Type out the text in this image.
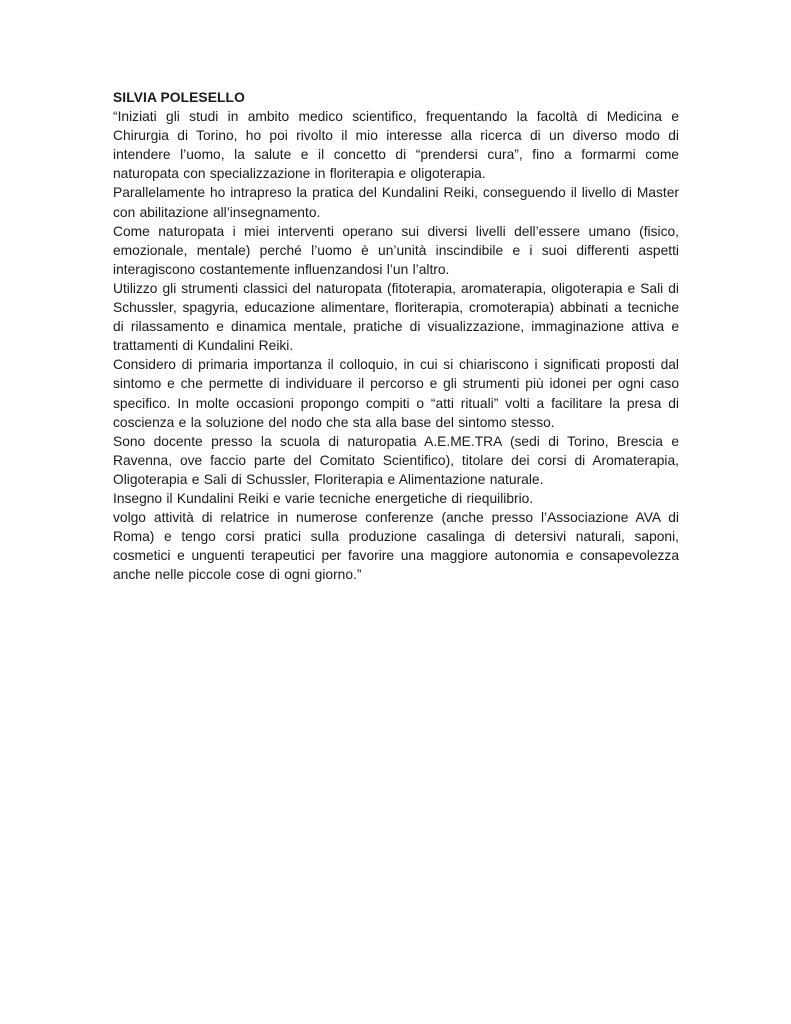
SILVIA POLESELLO

“Iniziati gli studi in ambito medico scientifico, frequentando la facoltà di Medicina e Chirurgia di Torino, ho poi rivolto il mio interesse alla ricerca di un diverso modo di intendere l’uomo, la salute e il concetto di “prendersi cura”, fino a formarmi come naturopata con specializzazione in floriterapia e oligoterapia.

Parallelamente ho intrapreso la pratica del Kundalini Reiki, conseguendo il livello di Master con abilitazione all’insegnamento.

Come naturopata i miei interventi operano sui diversi livelli dell’essere umano (fisico, emozionale, mentale) perché l’uomo è un’unità inscindibile e i suoi differenti aspetti interagiscono costantemente influenzandosi l’un l’altro.

Utilizzo gli strumenti classici del naturopata (fitoterapia, aromaterapia, oligoterapia e Sali di Schussler, spagyria, educazione alimentare, floriterapia, cromoterapia) abbinati a tecniche di rilassamento e dinamica mentale, pratiche di visualizzazione, immaginazione attiva e trattamenti di Kundalini Reiki.

Considero di primaria importanza il colloquio, in cui si chiariscono i significati proposti dal sintomo e che permette di individuare il percorso e gli strumenti più idonei per ogni caso specifico. In molte occasioni propongo compiti o “atti rituali” volti a facilitare la presa di coscienza e la soluzione del nodo che sta alla base del sintomo stesso.

Sono docente presso la scuola di naturopatia A.E.ME.TRA (sedi di Torino, Brescia e Ravenna, ove faccio parte del Comitato Scientifico), titolare dei corsi di Aromaterapia, Oligoterapia e Sali di Schussler, Floriterapia e Alimentazione naturale.

Insegno il Kundalini Reiki e varie tecniche energetiche di riequilibrio.

volgo attività di relatrice in numerose conferenze (anche presso l’Associazione AVA di Roma) e tengo corsi pratici sulla produzione casalinga di detersivi naturali, saponi, cosmetici e unguenti terapeutici per favorire una maggiore autonomia e consapevolezza anche nelle piccole cose di ogni giorno.”
